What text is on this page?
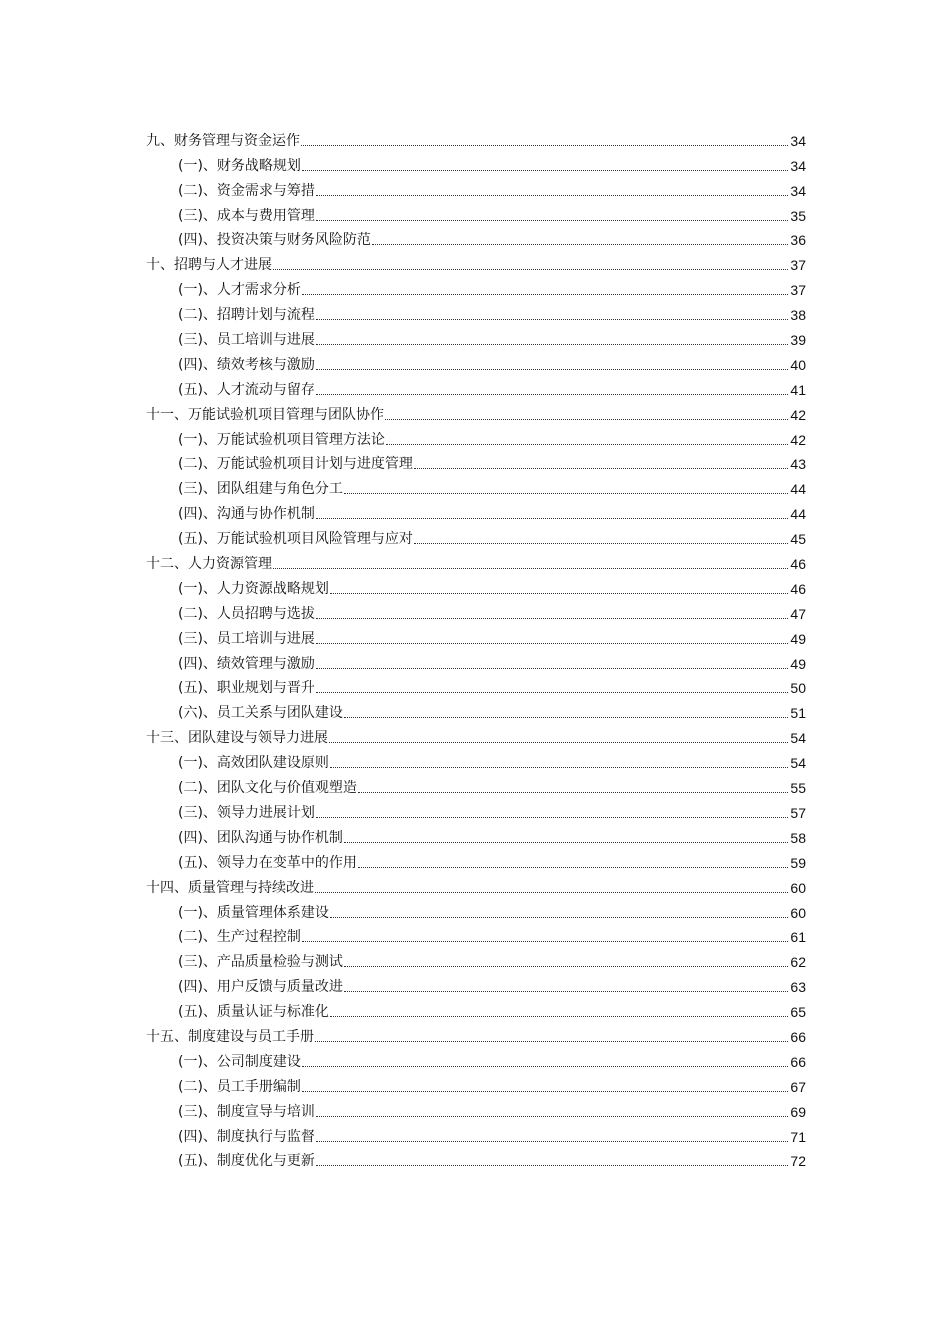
九、财务管理与资金运作	34
(一)、财务战略规划	34
(二)、资金需求与筹措	34
(三)、成本与费用管理	35
(四)、投资决策与财务风险防范	36
十、招聘与人才进展	37
(一)、人才需求分析	37
(二)、招聘计划与流程	38
(三)、员工培训与进展	39
(四)、绩效考核与激励	40
(五)、人才流动与留存	41
十一、万能试验机项目管理与团队协作	42
(一)、万能试验机项目管理方法论	42
(二)、万能试验机项目计划与进度管理	43
(三)、团队组建与角色分工	44
(四)、沟通与协作机制	44
(五)、万能试验机项目风险管理与应对	45
十二、人力资源管理	46
(一)、人力资源战略规划	46
(二)、人员招聘与选拔	47
(三)、员工培训与进展	49
(四)、绩效管理与激励	49
(五)、职业规划与晋升	50
(六)、员工关系与团队建设	51
十三、团队建设与领导力进展	54
(一)、高效团队建设原则	54
(二)、团队文化与价值观塑造	55
(三)、领导力进展计划	57
(四)、团队沟通与协作机制	58
(五)、领导力在变革中的作用	59
十四、质量管理与持续改进	60
(一)、质量管理体系建设	60
(二)、生产过程控制	61
(三)、产品质量检验与测试	62
(四)、用户反馈与质量改进	63
(五)、质量认证与标准化	65
十五、制度建设与员工手册	66
(一)、公司制度建设	66
(二)、员工手册编制	67
(三)、制度宣导与培训	69
(四)、制度执行与监督	71
(五)、制度优化与更新	72
